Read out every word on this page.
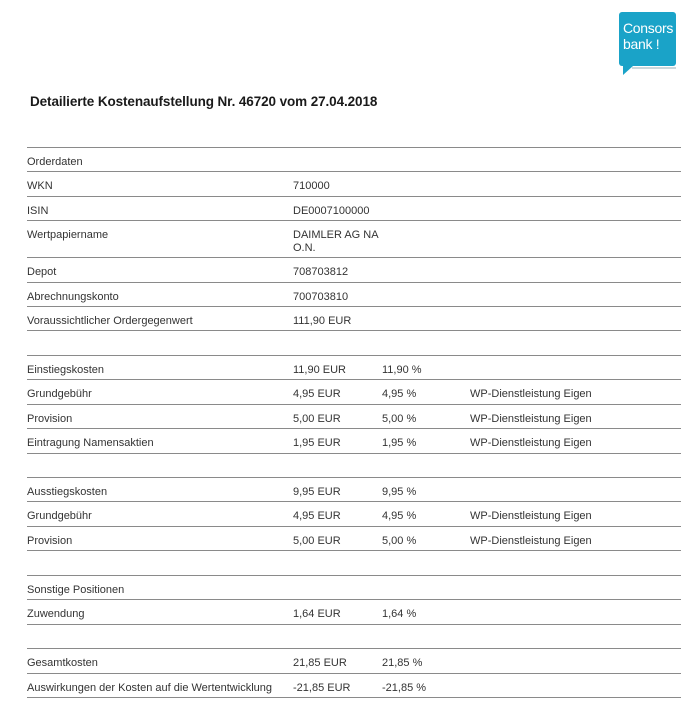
Consors
bank !
Detailierte Kostenaufstellung Nr. 46720 vom 27.04.2018
Orderdaten
WKN	710000
ISIN	DE0007100000
Wertpapiername	DAIMLER AG NA
O.N.
Depot	708703812
Abrechnungskonto	700703810
Voraussichtlicher Ordergegenwert	111,90 EUR
Einstiegskosten	11,90 EUR	11,90 %
Grundgebühr	4,95 EUR	4,95 %	WP-Dienstleistung Eigen
Provision	5,00 EUR	5,00 %	WP-Dienstleistung Eigen
Eintragung Namensaktien	1,95 EUR	1,95 %	WP-Dienstleistung Eigen
Ausstiegskosten	9,95 EUR	9,95 %
Grundgebühr	4,95 EUR	4,95 %	WP-Dienstleistung Eigen
Provision	5,00 EUR	5,00 %	WP-Dienstleistung Eigen
Sonstige Positionen
Zuwendung	1,64 EUR	1,64 %
Gesamtkosten	21,85 EUR	21,85 %
Auswirkungen der Kosten auf die Wertentwicklung -21,85 EUR	-21,85 %
